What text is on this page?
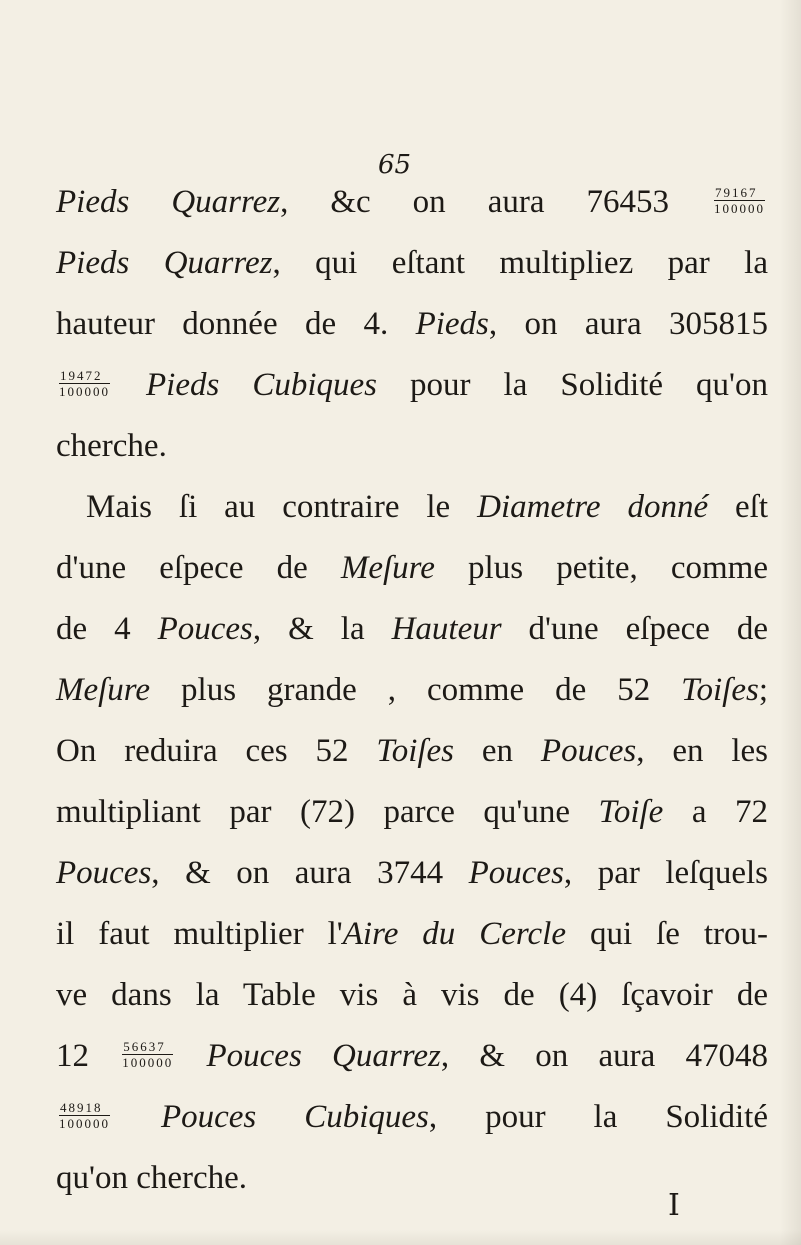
65
Pieds Quarrez, &c on aura $76453 \frac{79167}{100000}$
Pieds Quarrez, qui eſtant multipliez par la
hauteur donnée de 4. Pieds, on aura 305815
$\frac{19472}{100000}$ Pieds Cubiques pour la Solidité qu'on
cherche.
Mais ſi au contraire le Diametre donné eſt
d'une eſpece de Meſure plus petite, comme
de 4 Pouces, & la Hauteur d'une eſpece de
Meſure plus grande , comme de 52 Toiſes;
On reduira ces 52 Toiſes en Pouces, en les
multipliant par (72) parce qu'une Toiſe a 72
Pouces, & on aura 3744 Pouces, par leſquels
il faut multiplier l'Aire du Cercle qui ſe trou-
ve dans la Table vis à vis de (4) ſçavoir de
$12 \frac{56637}{100000}$ Pouces Quarrez, & on aura 47048
$\frac{48918}{100000}$ Pouces Cubiques, pour la Solidité
qu'on cherche.
I
